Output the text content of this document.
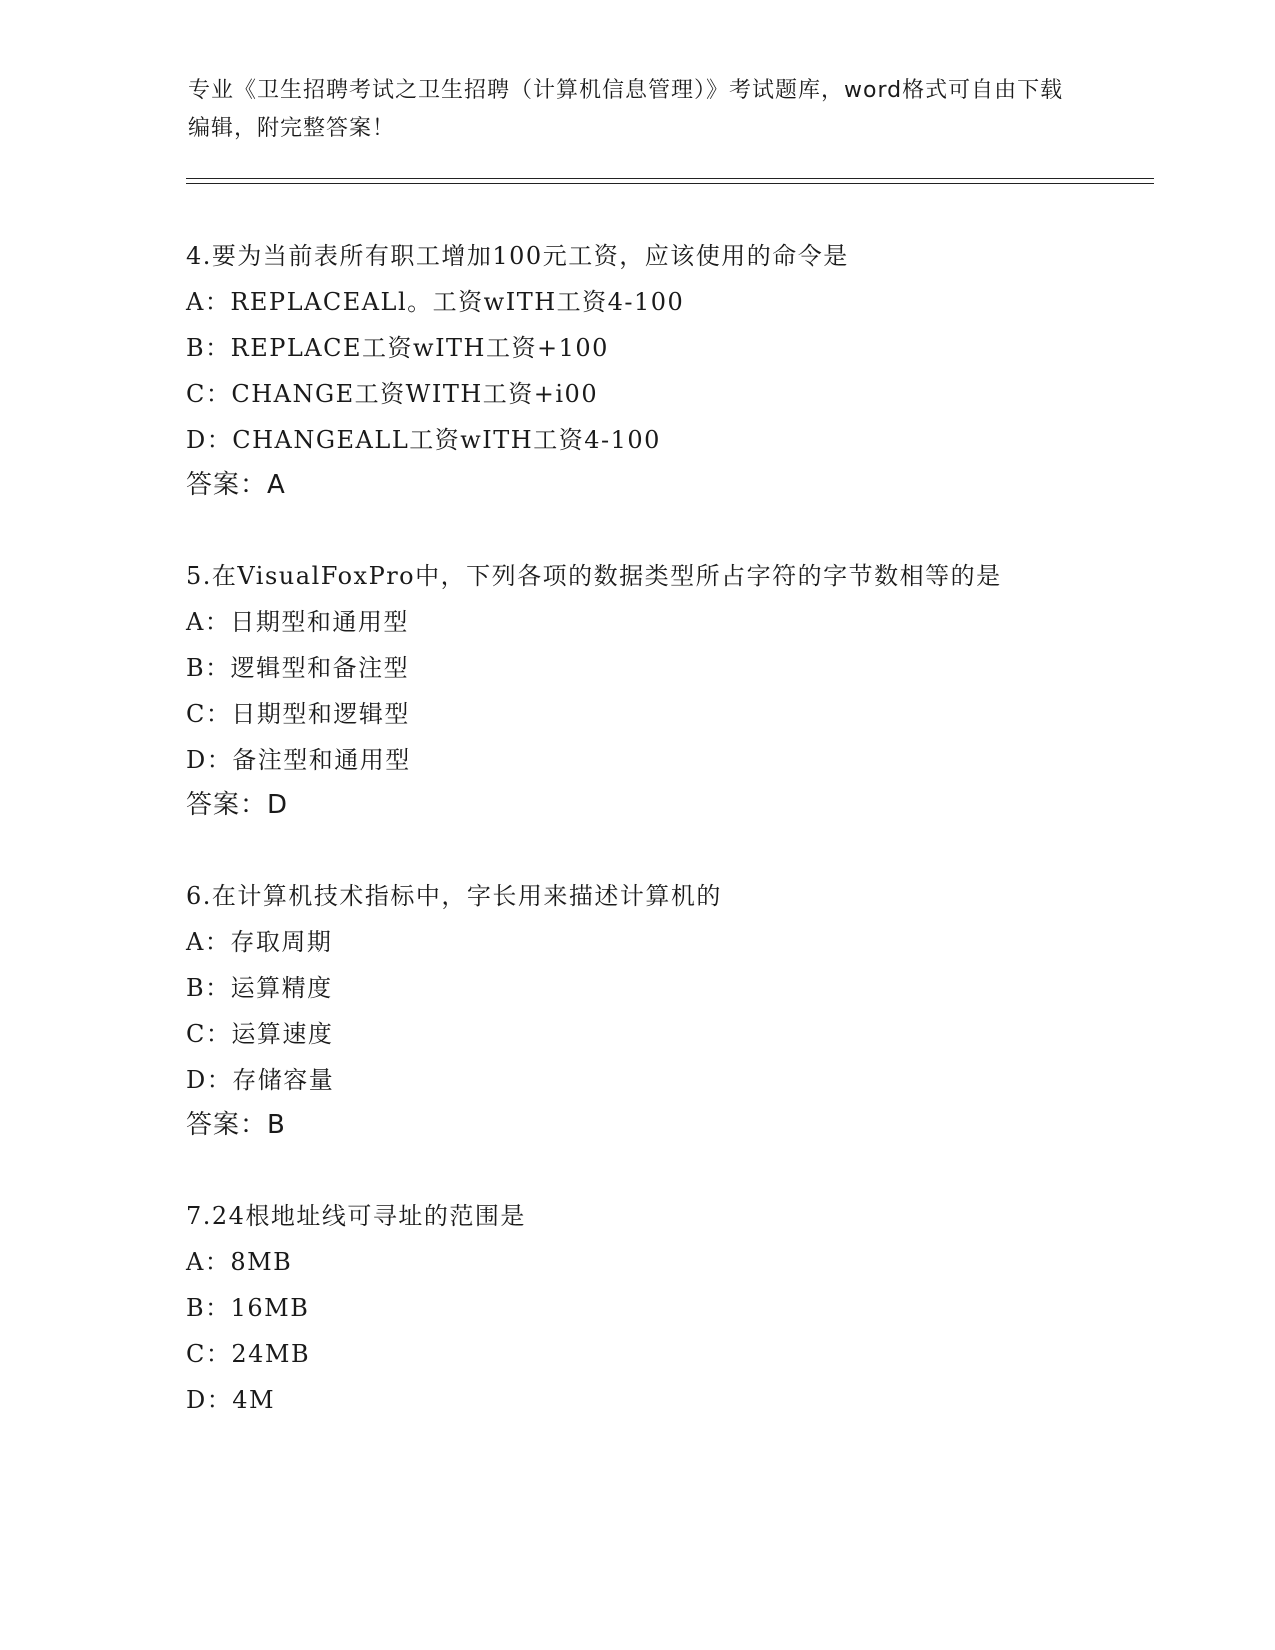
专业《卫生招聘考试之卫生招聘（计算机信息管理）》考试题库，word格式可自由下载编辑，附完整答案！
4.要为当前表所有职工增加100元工资，应该使用的命令是
A：REPLACEALl。工资wITH工资4-100
B：REPLACE工资wITH工资+100
C：CHANGE工资WITH工资+i00
D：CHANGEALL工资wITH工资4-100
答案：A
5.在VisualFoxPro中，下列各项的数据类型所占字符的字节数相等的是
A：日期型和通用型
B：逻辑型和备注型
C：日期型和逻辑型
D：备注型和通用型
答案：D
6.在计算机技术指标中，字长用来描述计算机的
A：存取周期
B：运算精度
C：运算速度
D：存储容量
答案：B
7.24根地址线可寻址的范围是
A：8MB
B：16MB
C：24MB
D：4M
